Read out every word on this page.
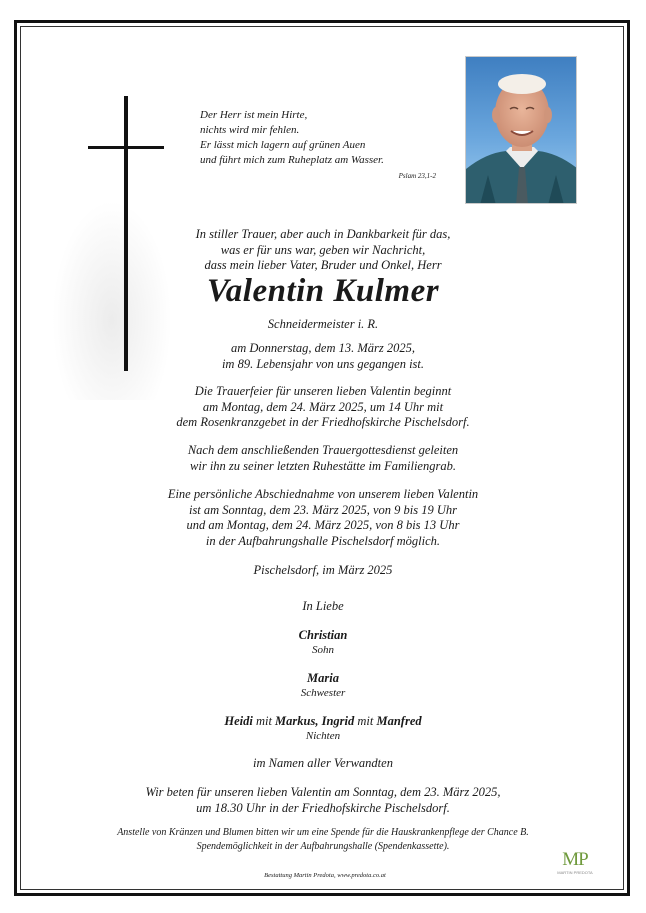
Der Herr ist mein Hirte,
nichts wird mir fehlen.
Er lässt mich lagern auf grünen Auen
und führt mich zum Ruheplatz am Wasser.
Pslam 23,1-2
In stiller Trauer, aber auch in Dankbarkeit für das,
was er für uns war, geben wir Nachricht,
dass mein lieber Vater, Bruder und Onkel, Herr
Valentin Kulmer
Schneidermeister i. R.
am Donnerstag, dem 13. März 2025,
im 89. Lebensjahr von uns gegangen ist.
Die Trauerfeier für unseren lieben Valentin beginnt
am Montag, dem 24. März 2025, um 14 Uhr mit
dem Rosenkranzgebet in der Friedhofskirche Pischelsdorf.
Nach dem anschließenden Trauergottesdienst geleiten
wir ihn zu seiner letzten Ruhestätte im Familiengrab.
Eine persönliche Abschiednahme von unserem lieben Valentin
ist am Sonntag, dem 23. März 2025, von 9 bis 19 Uhr
und am Montag, dem 24. März 2025, von 8 bis 13 Uhr
in der Aufbahrungshalle Pischelsdorf möglich.
Pischelsdorf, im März 2025
In Liebe
Christian
Sohn
Maria
Schwester
Heidi mit Markus, Ingrid mit Manfred
Nichten
im Namen aller Verwandten
Wir beten für unseren lieben Valentin am Sonntag, dem 23. März 2025,
um 18.30 Uhr in der Friedhofskirche Pischelsdorf.
Anstelle von Kränzen und Blumen bitten wir um eine Spende für die Hauskrankenpflege der Chance B.
Spendemöglichkeit in der Aufbahrungshalle (Spendenkassette).
Bestattung Martin Predota, www.predota.co.at
MP
MARTIN PREDOTA
